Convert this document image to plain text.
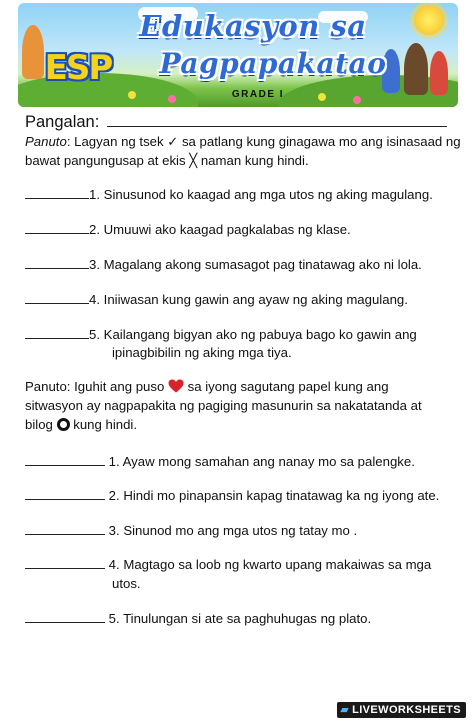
Edukasyon sa
Pagpapakatao
ESP
GRADE I
Pangalan:
Panuto: Lagyan ng tsek ✓ sa patlang kung ginagawa mo ang isinasaad ng
bawat pangungusap at ekis ╳ naman kung hindi.
1. Sinusunod ko kaagad ang mga utos ng aking magulang.
2. Umuuwi ako kaagad pagkalabas ng klase.
3. Magalang akong sumasagot pag tinatawag ako ni lola.
4. Iniiwasan kung gawin ang ayaw ng aking magulang.
5. Kailangang bigyan ako ng pabuya bago ko gawin ang
ipinagbibilin ng aking mga tiya.
Panuto: Iguhit ang puso sa iyong sagutang papel kung ang
sitwasyon ay nagpapakita ng pagiging masunurin sa nakatatanda at
bilog kung hindi.
1. Ayaw mong samahan ang nanay mo sa palengke.
2. Hindi mo pinapansin kapag tinatawag ka ng iyong ate.
3. Sinunod mo ang mga utos ng tatay mo .
4. Magtago sa loob ng kwarto upang makaiwas sa mga
utos.
5. Tinulungan si ate sa paghuhugas ng plato.
▰ LIVEWORKSHEETS
